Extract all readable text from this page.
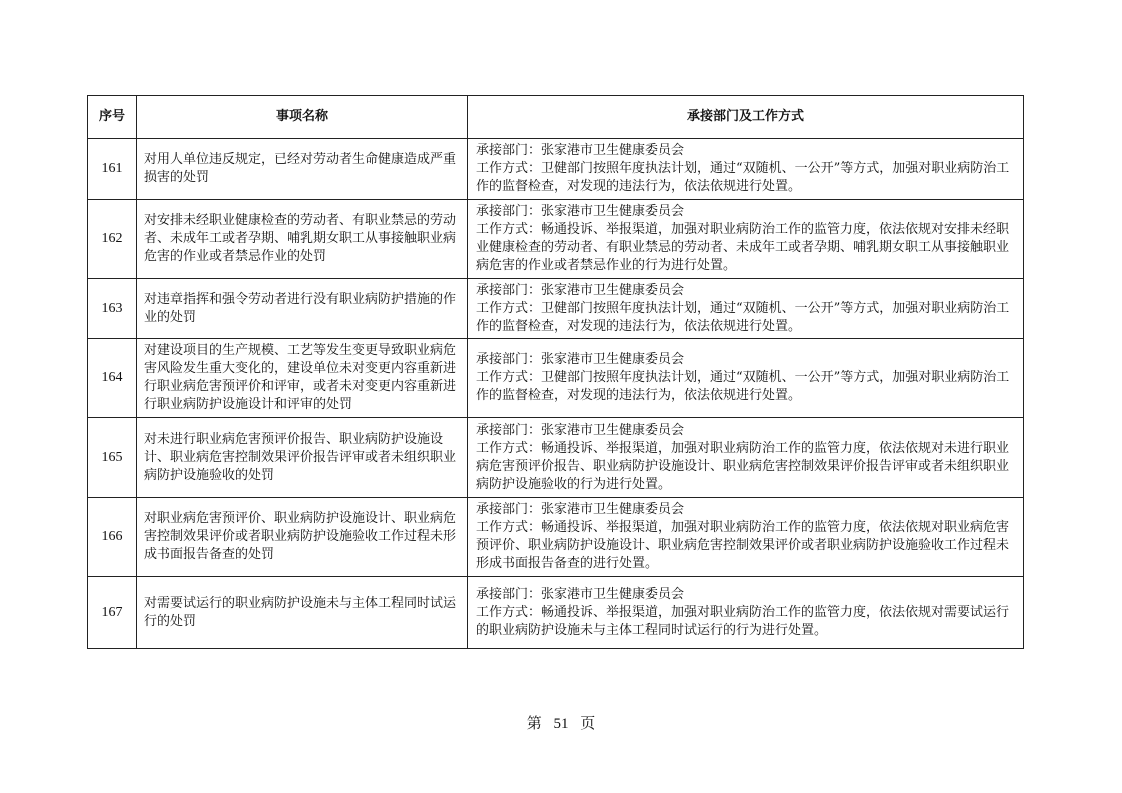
序号	事项名称	承接部门及工作方式
161	对用人单位违反规定，已经对劳动者生命健康造成严重损害的处罚	承接部门：张家港市卫生健康委员会
工作方式：卫健部门按照年度执法计划，通过“双随机、一公开”等方式，加强对职业病防治工作的监督检查，对发现的违法行为，依法依规进行处置。

162	对安排未经职业健康检查的劳动者、有职业禁忌的劳动者、未成年工或者孕期、哺乳期女职工从事接触职业病危害的作业或者禁忌作业的处罚	承接部门：张家港市卫生健康委员会
工作方式：畅通投诉、举报渠道，加强对职业病防治工作的监管力度，依法依规对安排未经职业健康检查的劳动者、有职业禁忌的劳动者、未成年工或者孕期、哺乳期女职工从事接触职业病危害的作业或者禁忌作业的行为进行处置。

163	对违章指挥和强令劳动者进行没有职业病防护措施的作业的处罚	承接部门：张家港市卫生健康委员会
工作方式：卫健部门按照年度执法计划，通过“双随机、一公开”等方式，加强对职业病防治工作的监督检查，对发现的违法行为，依法依规进行处置。

164	对建设项目的生产规模、工艺等发生变更导致职业病危害风险发生重大变化的，建设单位未对变更内容重新进行职业病危害预评价和评审，或者未对变更内容重新进行职业病防护设施设计和评审的处罚	承接部门：张家港市卫生健康委员会
工作方式：卫健部门按照年度执法计划，通过“双随机、一公开”等方式，加强对职业病防治工作的监督检查，对发现的违法行为，依法依规进行处置。

165	对未进行职业病危害预评价报告、职业病防护设施设计、职业病危害控制效果评价报告评审或者未组织职业病防护设施验收的处罚	承接部门：张家港市卫生健康委员会
工作方式：畅通投诉、举报渠道，加强对职业病防治工作的监管力度，依法依规对未进行职业病危害预评价报告、职业病防护设施设计、职业病危害控制效果评价报告评审或者未组织职业病防护设施验收的行为进行处置。

166	对职业病危害预评价、职业病防护设施设计、职业病危害控制效果评价或者职业病防护设施验收工作过程未形成书面报告备查的处罚	承接部门：张家港市卫生健康委员会
工作方式：畅通投诉、举报渠道，加强对职业病防治工作的监管力度，依法依规对职业病危害预评价、职业病防护设施设计、职业病危害控制效果评价或者职业病防护设施验收工作过程未形成书面报告备查的进行处置。

167	对需要试运行的职业病防护设施未与主体工程同时试运行的处罚	承接部门：张家港市卫生健康委员会
工作方式：畅通投诉、举报渠道，加强对职业病防治工作的监管力度，依法依规对需要试运行的职业病防护设施未与主体工程同时试运行的行为进行处置。
第 51 页
